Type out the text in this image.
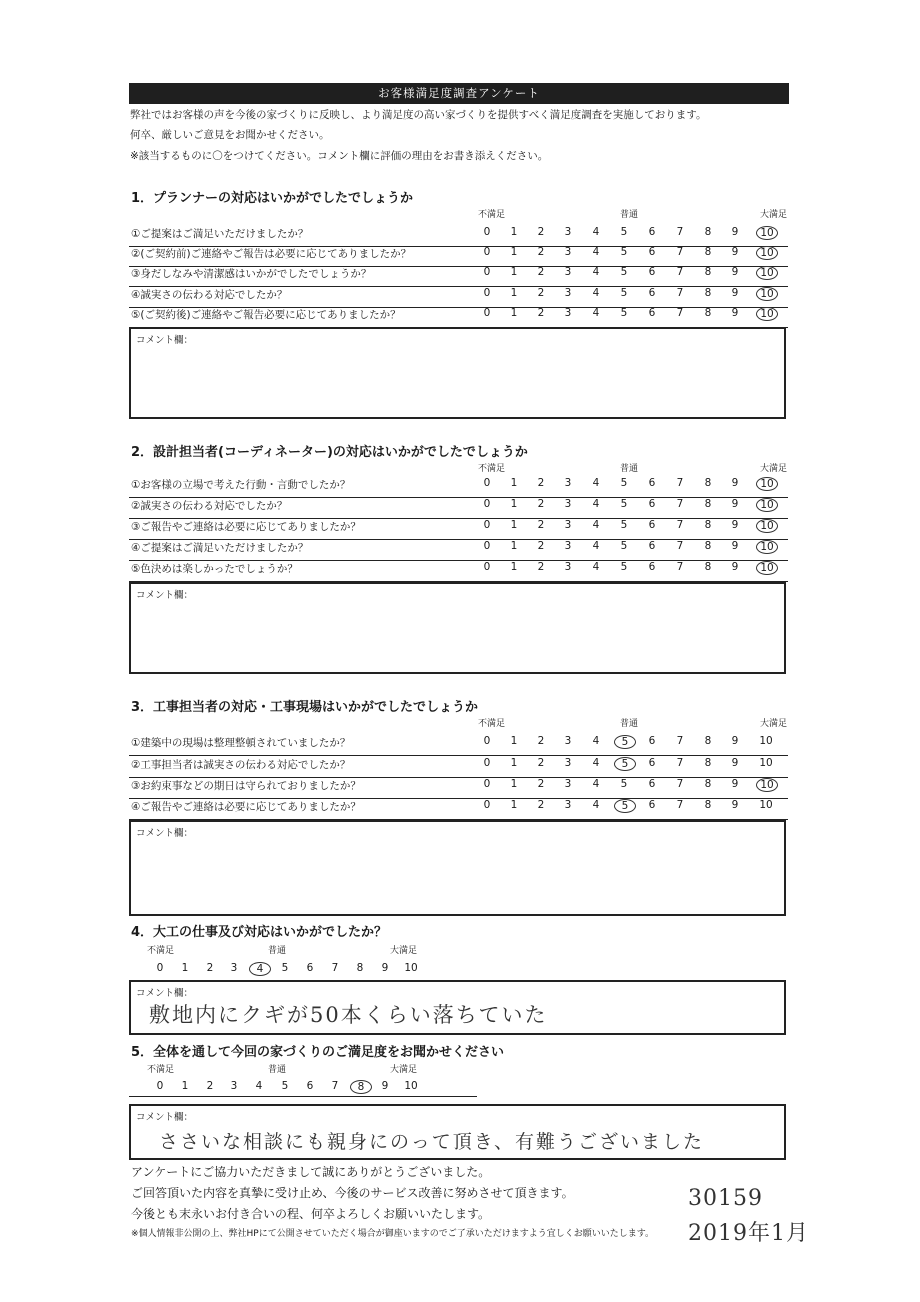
お客様満足度調査アンケート
弊社ではお客様の声を今後の家づくりに反映し、より満足度の高い家づくりを提供すべく満足度調査を実施しております。
何卒、厳しいご意見をお聞かせください。
※該当するものに〇をつけてください。コメント欄に評価の理由をお書き添えください。
1．プランナーの対応はいかがでしたでしょうか
不満足	普通	大満足
①ご提案はご満足いただけましたか？	0	1	2	3	4	5	6	7	8	9	10
②(ご契約前)ご連絡やご報告は必要に応じてありましたか？	0	1	2	3	4	5	6	7	8	9	10
③身だしなみや清潔感はいかがでしたでしょうか？	0	1	2	3	4	5	6	7	8	9	10
④誠実さの伝わる対応でしたか？	0	1	2	3	4	5	6	7	8	9	10
⑤(ご契約後)ご連絡やご報告必要に応じてありましたか？	0	1	2	3	4	5	6	7	8	9	10
コメント欄：
2．設計担当者(コーディネーター)の対応はいかがでしたでしょうか
不満足	普通	大満足
①お客様の立場で考えた行動・言動でしたか？	0	1	2	3	4	5	6	7	8	9	10
②誠実さの伝わる対応でしたか？	0	1	2	3	4	5	6	7	8	9	10
③ご報告やご連絡は必要に応じてありましたか？	0	1	2	3	4	5	6	7	8	9	10
④ご提案はご満足いただけましたか？	0	1	2	3	4	5	6	7	8	9	10
⑤色決めは楽しかったでしょうか？	0	1	2	3	4	5	6	7	8	9	10
コメント欄：
3．工事担当者の対応・工事現場はいかがでしたでしょうか
不満足	普通	大満足
①建築中の現場は整理整頓されていましたか？	0	1	2	3	4	5	6	7	8	9	10
②工事担当者は誠実さの伝わる対応でしたか？	0	1	2	3	4	5	6	7	8	9	10
③お約束事などの期日は守られておりましたか？	0	1	2	3	4	5	6	7	8	9	10
④ご報告やご連絡は必要に応じてありましたか？	0	1	2	3	4	5	6	7	8	9	10
コメント欄：
4．大工の仕事及び対応はいかがでしたか？
不満足	普通	大満足
0	1	2	3	4	5	6	7	8	9	10
コメント欄：
敷地内にクギが50本くらい落ちていた
5．全体を通して今回の家づくりのご満足度をお聞かせください
不満足	普通	大満足
0	1	2	3	4	5	6	7	8	9	10
コメント欄：
ささいな相談にも親身にのって頂き、有難うございました
アンケートにご協力いただきまして誠にありがとうございました。
ご回答頂いた内容を真摯に受け止め、今後のサービス改善に努めさせて頂きます。
今後とも末永いお付き合いの程、何卒よろしくお願いいたします。
※個人情報非公開の上、弊社HPにて公開させていただく場合が御座いますのでご了承いただけますよう宜しくお願いいたします。
30159
2019年1月
